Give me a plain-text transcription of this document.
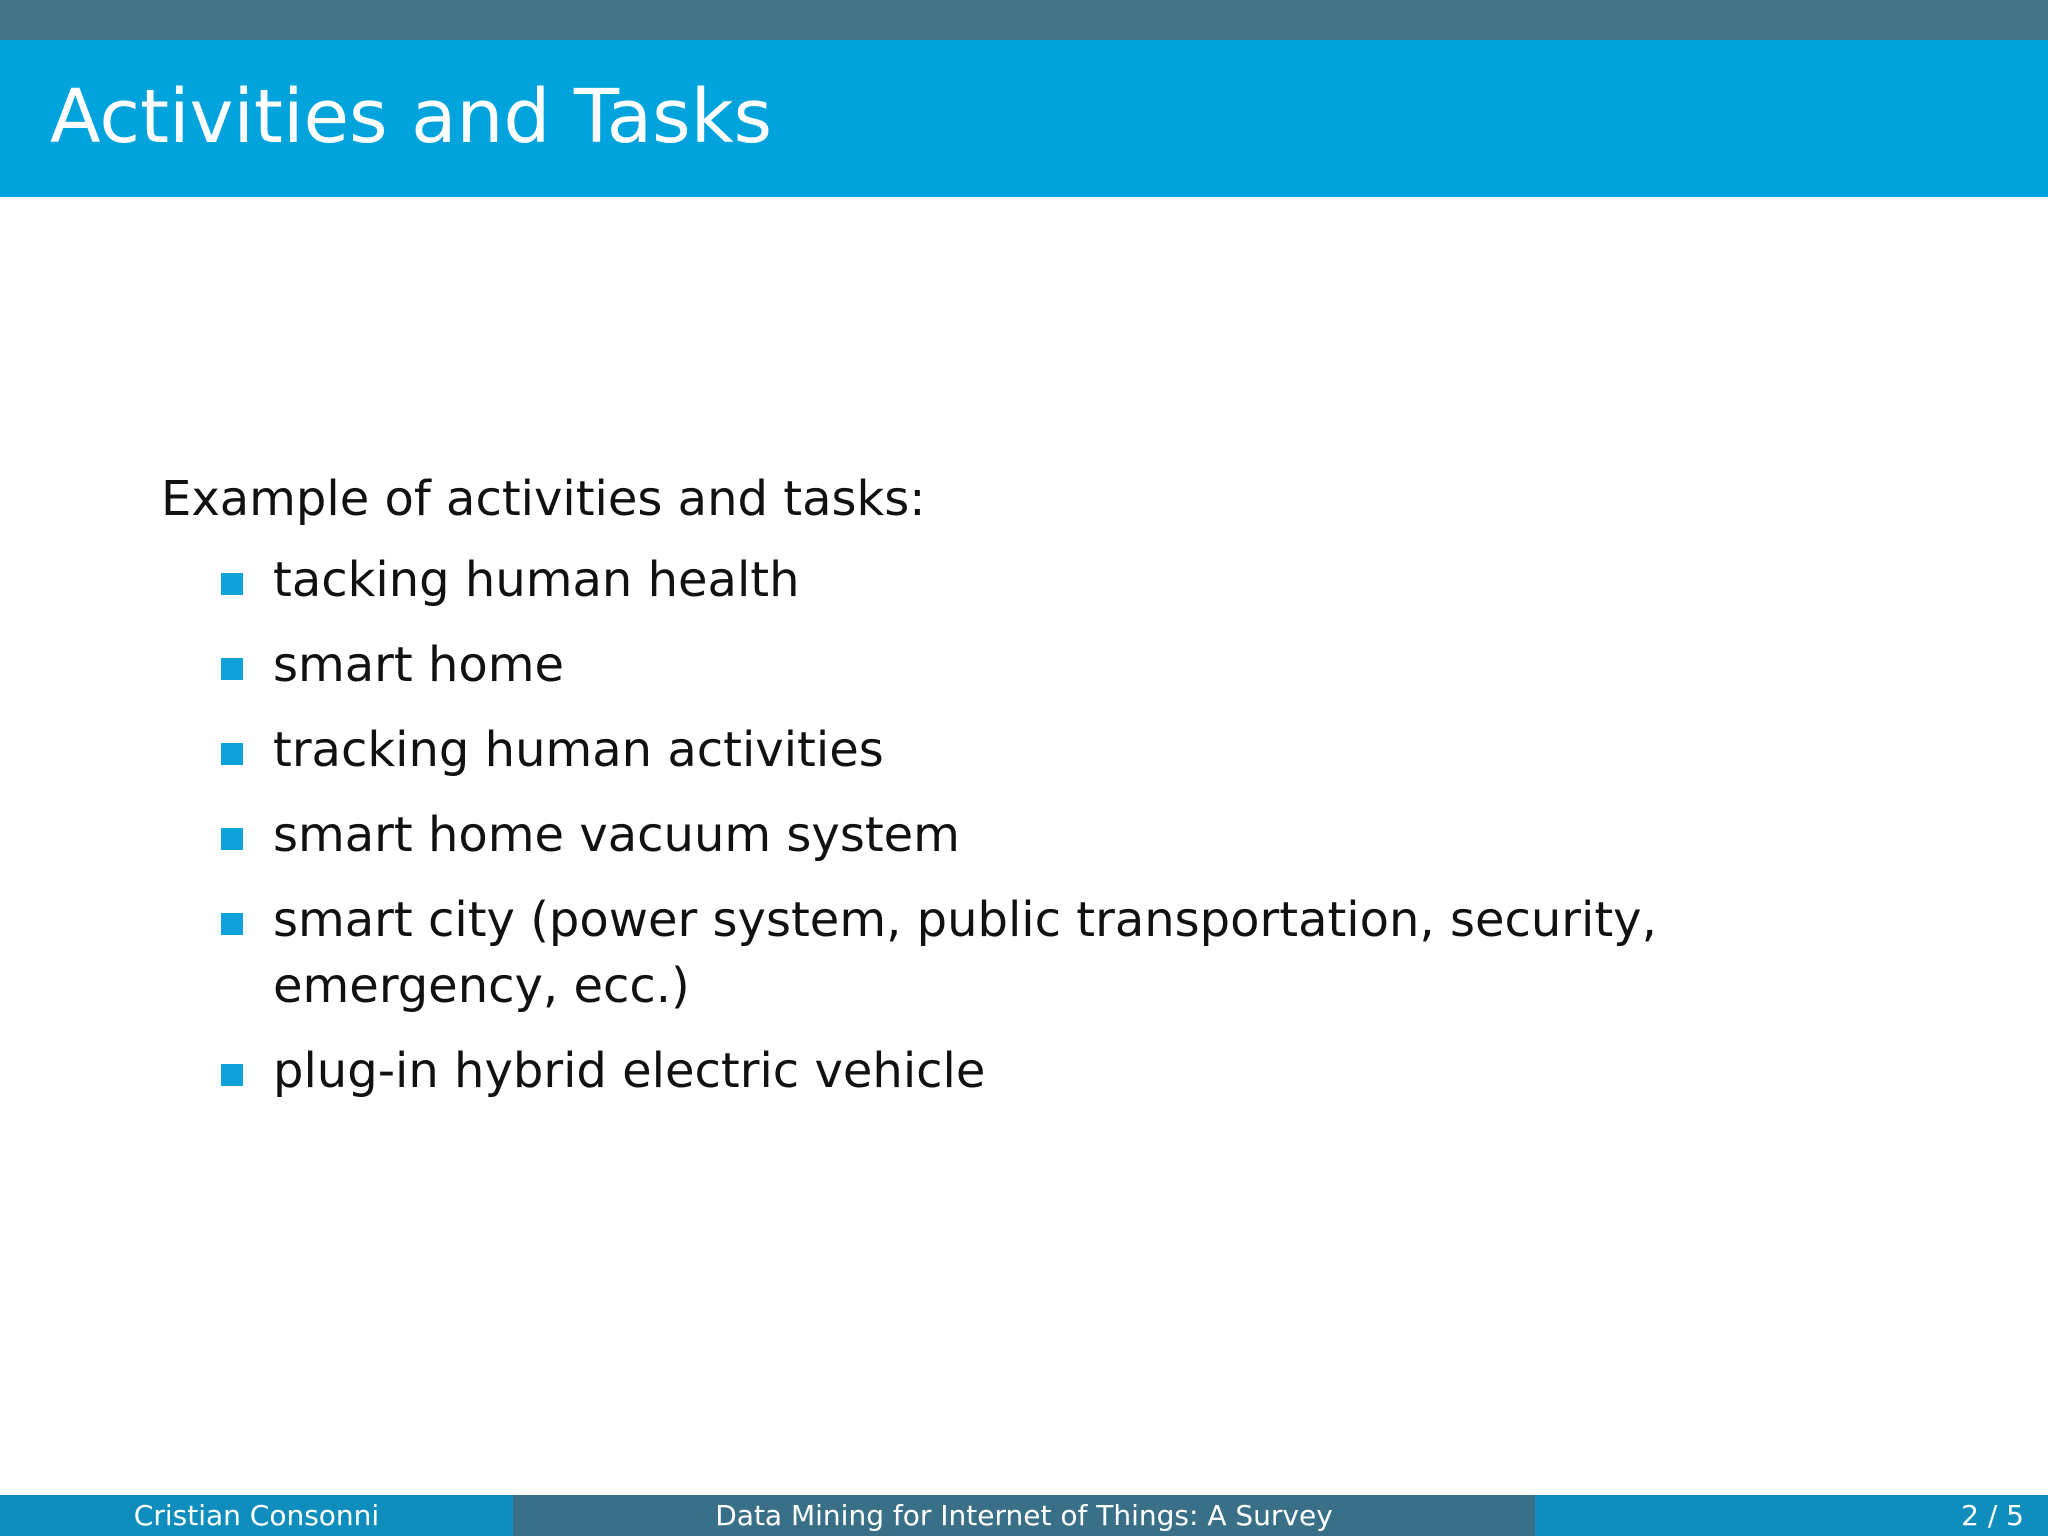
Activities and Tasks

Example of activities and tasks:

tacking human health
smart home
tracking human activities
smart home vacuum system
smart city (power system, public transportation, security, emergency, ecc.)
plug-in hybrid electric vehicle
Cristian Consonni	Data Mining for Internet of Things: A Survey	2 / 5
